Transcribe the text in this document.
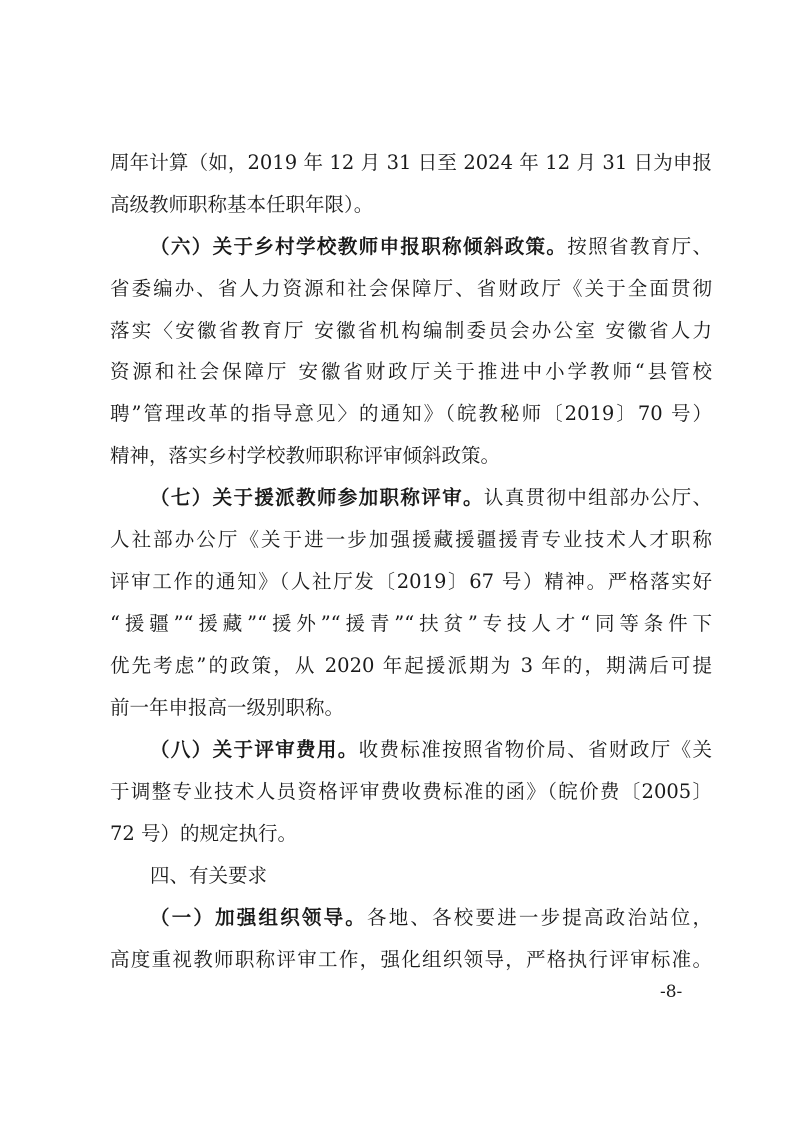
周年计算（如，2019 年 12 月 31 日至 2024 年 12 月 31 日为申报
高级教师职称基本任职年限）。
（六）关于乡村学校教师申报职称倾斜政策。按照省教育厅、
省委编办、省人力资源和社会保障厅、省财政厅《关于全面贯彻
落实〈安徽省教育厅 安徽省机构编制委员会办公室 安徽省人力
资源和社会保障厅 安徽省财政厅关于推进中小学教师“县管校
聘”管理改革的指导意见〉的通知》（皖教秘师〔2019〕70 号）
精神，落实乡村学校教师职称评审倾斜政策。
（七）关于援派教师参加职称评审。认真贯彻中组部办公厅、
人社部办公厅《关于进一步加强援藏援疆援青专业技术人才职称
评审工作的通知》（人社厅发〔2019〕67 号）精神。严格落实好
“援疆”“援藏”“援外”“援青”“扶贫”专技人才“同等条件下
优先考虑”的政策，从 2020 年起援派期为 3 年的，期满后可提
前一年申报高一级别职称。
（八）关于评审费用。收费标准按照省物价局、省财政厅《关
于调整专业技术人员资格评审费收费标准的函》（皖价费〔2005〕
72 号）的规定执行。
四、有关要求
（一）加强组织领导。各地、各校要进一步提高政治站位，
高度重视教师职称评审工作，强化组织领导，严格执行评审标准。
-8-
